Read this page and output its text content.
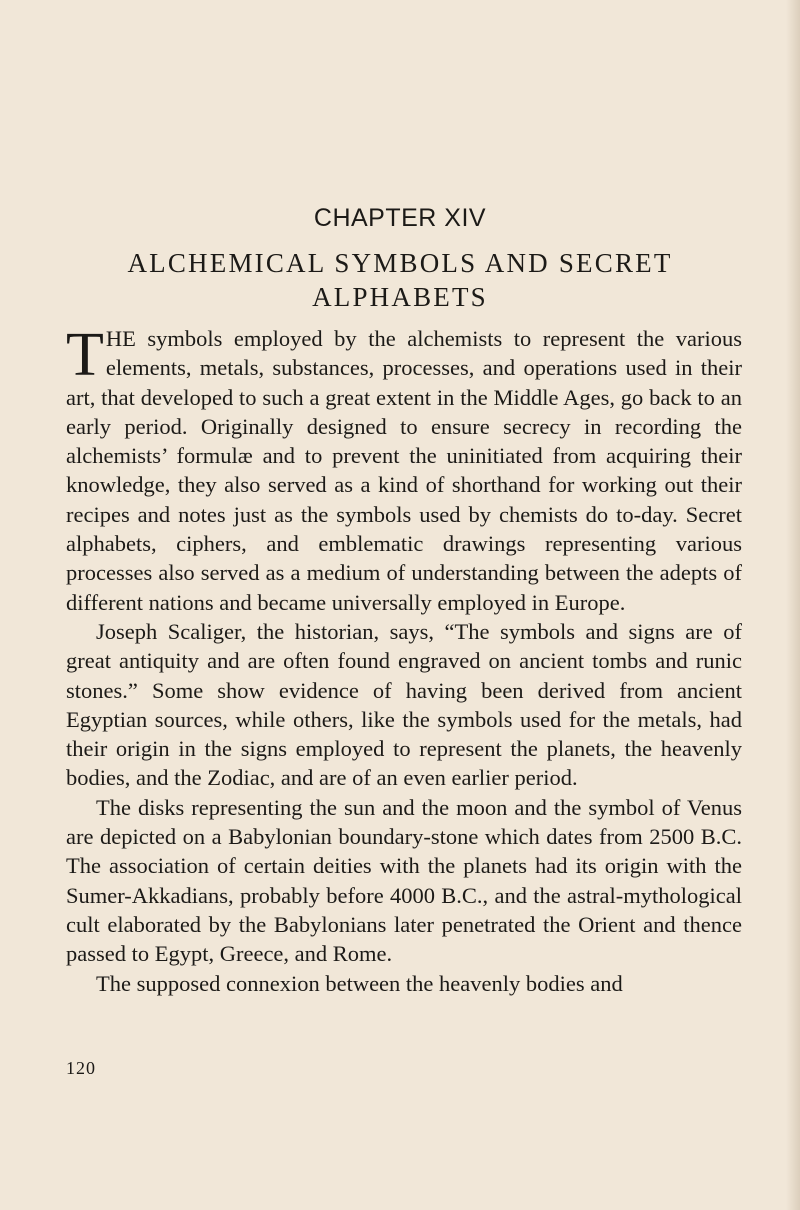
CHAPTER XIV
ALCHEMICAL SYMBOLS AND SECRET
ALPHABETS

THE symbols employed by the alchemists to represent the various elements, metals, substances, processes, and operations used in their art, that developed to such a great extent in the Middle Ages, go back to an early period. Originally designed to ensure secrecy in recording the alchemists’ formulæ and to prevent the uninitiated from acquiring their knowledge, they also served as a kind of shorthand for working out their recipes and notes just as the symbols used by chemists do to-day. Secret alphabets, ciphers, and emblematic drawings representing various processes also served as a medium of understanding between the adepts of different nations and became universally employed in Europe.

Joseph Scaliger, the historian, says, “The symbols and signs are of great antiquity and are often found engraved on ancient tombs and runic stones.” Some show evidence of having been derived from ancient Egyptian sources, while others, like the symbols used for the metals, had their origin in the signs employed to represent the planets, the heavenly bodies, and the Zodiac, and are of an even earlier period.

The disks representing the sun and the moon and the symbol of Venus are depicted on a Babylonian boundary-stone which dates from 2500 B.C. The association of certain deities with the planets had its origin with the Sumer-Akkadians, probably before 4000 B.C., and the astral-mythological cult elaborated by the Babylonians later penetrated the Orient and thence passed to Egypt, Greece, and Rome.

The supposed connexion between the heavenly bodies and

120
